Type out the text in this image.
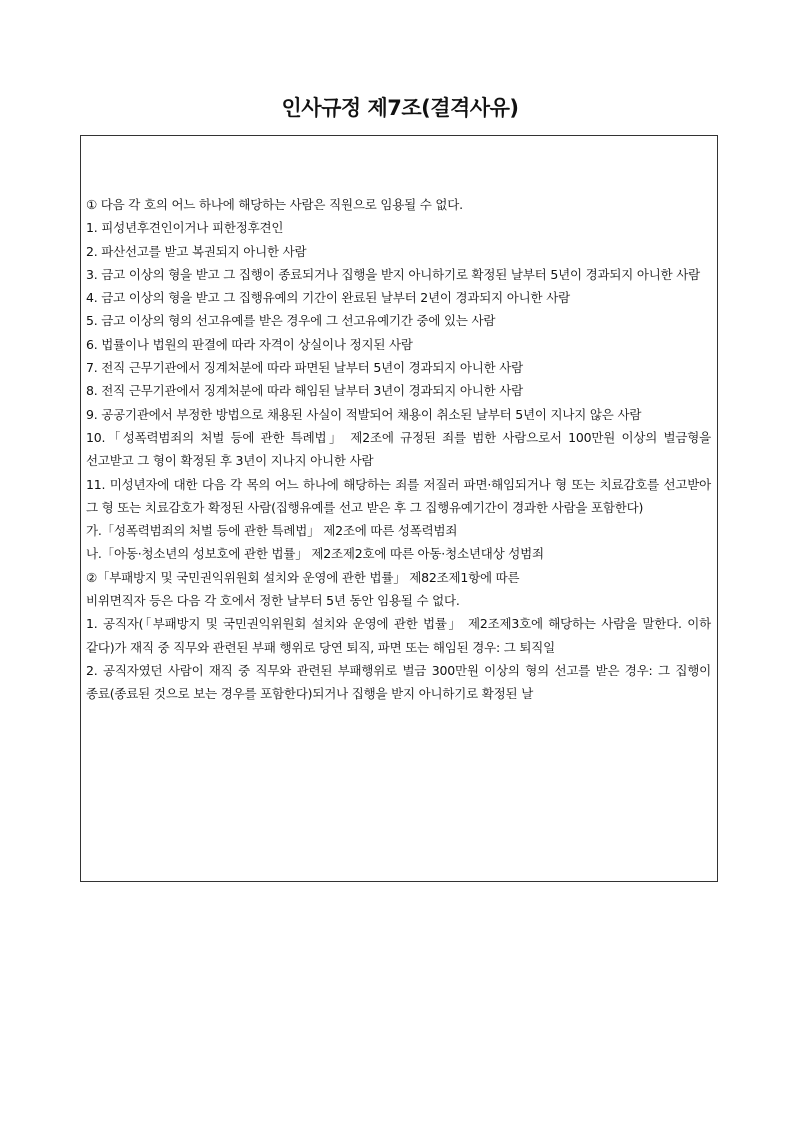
인사규정 제7조(결격사유)

① 다음 각 호의 어느 하나에 해당하는 사람은 직원으로 임용될 수 없다.

1. 피성년후견인이거나 피한정후견인

2. 파산선고를 받고 복권되지 아니한 사람

3. 금고 이상의 형을 받고 그 집행이 종료되거나 집행을 받지 아니하기로 확정된 날부터 5년이 경과되지 아니한 사람

4. 금고 이상의 형을 받고 그 집행유예의 기간이 완료된 날부터 2년이 경과되지 아니한 사람

5. 금고 이상의 형의 선고유예를 받은 경우에 그 선고유예기간 중에 있는 사람

6. 법률이나 법원의 판결에 따라 자격이 상실이나 정지된 사람

7. 전직 근무기관에서 징계처분에 따라 파면된 날부터 5년이 경과되지 아니한 사람

8. 전직 근무기관에서 징계처분에 따라 해임된 날부터 3년이 경과되지 아니한 사람

9. 공공기관에서 부정한 방법으로 채용된 사실이 적발되어 채용이 취소된 날부터 5년이 지나지 않은 사람

10.「성폭력범죄의 처벌 등에 관한 특례법」 제2조에 규정된 죄를 범한 사람으로서 100만원 이상의 벌금형을 선고받고 그 형이 확정된 후 3년이 지나지 아니한 사람

11. 미성년자에 대한 다음 각 목의 어느 하나에 해당하는 죄를 저질러 파면·해임되거나 형 또는 치료감호를 선고받아 그 형 또는 치료감호가 확정된 사람(집행유예를 선고 받은 후 그 집행유예기간이 경과한 사람을 포함한다)

가.「성폭력범죄의 처벌 등에 관한 특례법」 제2조에 따른 성폭력범죄

나.「아동·청소년의 성보호에 관한 법률」 제2조제2호에 따른 아동·청소년대상 성범죄

②「부패방지 및 국민권익위원회 설치와 운영에 관한 법률」 제82조제1항에 따른

비위면직자 등은 다음 각 호에서 정한 날부터 5년 동안 임용될 수 없다.

1. 공직자(「부패방지 및 국민권익위원회 설치와 운영에 관한 법률」 제2조제3호에 해당하는 사람을 말한다. 이하 같다)가 재직 중 직무와 관련된 부패 행위로 당연 퇴직, 파면 또는 해임된 경우: 그 퇴직일

2. 공직자였던 사람이 재직 중 직무와 관련된 부패행위로 벌금 300만원 이상의 형의 선고를 받은 경우: 그 집행이 종료(종료된 것으로 보는 경우를 포함한다)되거나 집행을 받지 아니하기로 확정된 날
